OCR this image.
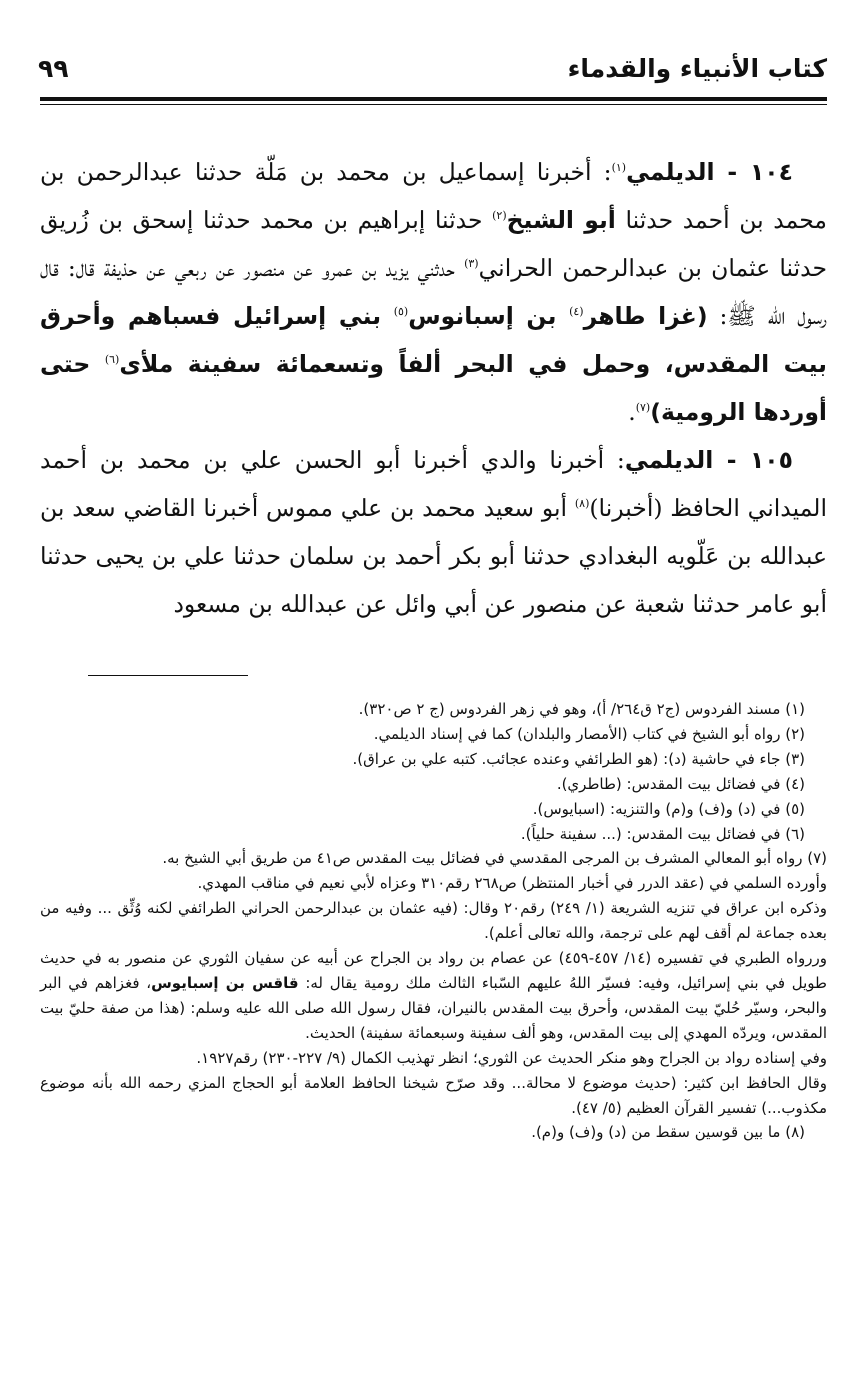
كتاب الأنبياء والقدماء
٩٩

١٠٤ - الديلمي$^{(١)}$: أخبرنا إسماعيل بن محمد بن مَلّة حدثنا عبدالرحمن بن محمد بن أحمد حدثنا أبو الشيخ$^{(٢)}$ حدثنا إبراهيم بن محمد حدثنا إسحق بن زُريق حدثنا عثمان بن عبدالرحمن الحراني$^{(٣)}$ حدثني يزيد بن عمرو عن منصور عن ربعي عن حذيفة قال: قال رسول الله ﷺ: (غزا طاهر$^{(٤)}$ بن إسبانوس$^{(٥)}$ بني إسرائيل فسباهم وأحرق بيت المقدس، وحمل في البحر ألفاً وتسعمائة سفينة ملأى$^{(٦)}$ حتى أوردها الرومية)$^{(٧)}$.

١٠٥ - الديلمي: أخبرنا والدي أخبرنا أبو الحسن علي بن محمد بن أحمد الميداني الحافظ (أخبرنا)$^{(٨)}$ أبو سعيد محمد بن علي مموس أخبرنا القاضي سعد بن عبدالله بن عَلّويه البغدادي حدثنا أبو بكر أحمد بن سلمان حدثنا علي بن يحيى حدثنا أبو عامر حدثنا شعبة عن منصور عن أبي وائل عن عبدالله بن مسعود

(١) مسند الفردوس (ج٢ ق٢٦٤/ أ)، وهو في زهر الفردوس (ج ٢ ص٣٢٠).

(٢) رواه أبو الشيخ في كتاب (الأمصار والبلدان) كما في إسناد الديلمي.

(٣) جاء في حاشية (د): (هو الطرائفي وعنده عجائب. كتبه علي بن عراق).

(٤) في فضائل بيت المقدس: (طاطري).

(٥) في (د) و(ف) و(م) والتنزيه: (اسبايوس).

(٦) في فضائل بيت المقدس: (... سفينة حلياً).

(٧) رواه أبو المعالي المشرف بن المرجى المقدسي في فضائل بيت المقدس ص٤١ من طريق أبي الشيخ به.

وأورده السلمي في (عقد الدرر في أخبار المنتظر) ص٢٦٨ رقم٣١٠ وعزاه لأبي نعيم في مناقب المهدي.

وذكره ابن عراق في تنزيه الشريعة (١/ ٢٤٩) رقم٢٠ وقال: (فيه عثمان بن عبدالرحمن الحراني الطرائفي لكنه وُثِّق ... وفيه من بعده جماعة لم أقف لهم على ترجمة، والله تعالى أعلم).

وررواه الطبري في تفسيره (١٤/ ٤٥٧-٤٥٩) عن عصام بن رواد بن الجراح عن أبيه عن سفيان الثوري عن منصور به في حديث طويل في بني إسرائيل، وفيه: فسيّر اللهُ عليهم السّباء الثالث ملك رومية يقال له: قاقس بن إسبايوس، فغزاهم في البر والبحر، وسيّر حُليّ بيت المقدس، وأحرق بيت المقدس بالنيران، فقال رسول الله صلى الله عليه وسلم: (هذا من صفة حليّ بيت المقدس، ويردّه المهدي إلى بيت المقدس، وهو ألف سفينة وسبعمائة سفينة) الحديث.

وفي إسناده رواد بن الجراح وهو منكر الحديث عن الثوري؛ انظر تهذيب الكمال (٩/ ٢٢٧-٢٣٠) رقم١٩٢٧.

وقال الحافظ ابن كثير: (حديث موضوع لا محالة... وقد صرّح شيخنا الحافظ العلامة أبو الحجاج المزي رحمه الله بأنه موضوع مكذوب...) تفسير القرآن العظيم (٥/ ٤٧).

(٨) ما بين قوسين سقط من (د) و(ف) و(م).
